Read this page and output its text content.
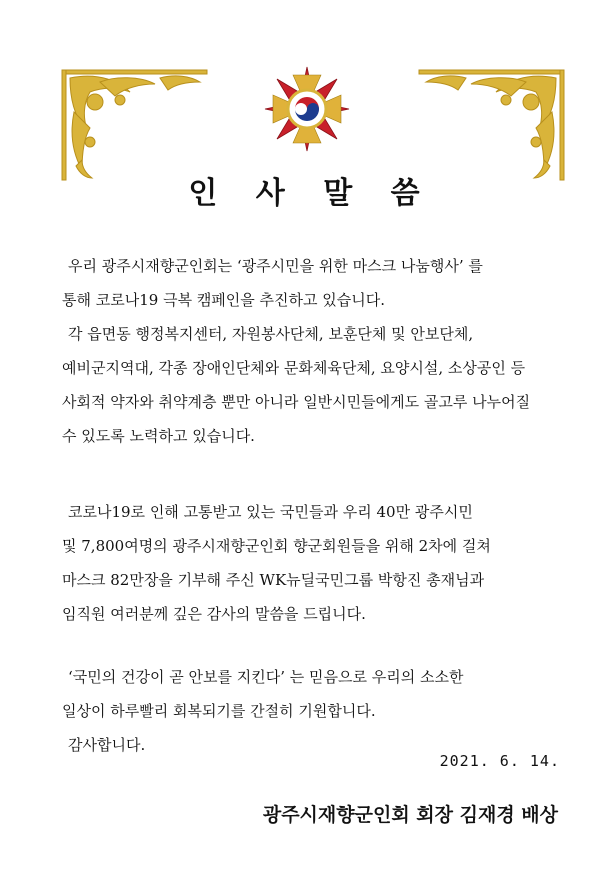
인 사 말 씀
우리 광주시재향군인회는 ‘광주시민을 위한 마스크 나눔행사’ 를
통해 코로나19 극복 캠페인을 추진하고 있습니다.
각 읍면동 행정복지센터, 자원봉사단체, 보훈단체 및 안보단체,
예비군지역대, 각종 장애인단체와 문화체육단체, 요양시설, 소상공인 등
사회적 약자와 취약계층 뿐만 아니라 일반시민들에게도 골고루 나누어질
수 있도록 노력하고 있습니다.
코로나19로 인해 고통받고 있는 국민들과 우리 40만 광주시민
및 7,800여명의 광주시재향군인회 향군회원들을 위해 2차에 걸쳐
마스크 82만장을 기부해 주신 WK뉴딜국민그룹 박항진 총재님과
임직원 여러분께 깊은 감사의 말씀을 드립니다.
‘국민의 건강이 곧 안보를 지킨다’ 는 믿음으로 우리의 소소한
일상이 하루빨리 회복되기를 간절히 기원합니다.
감사합니다.
2021. 6. 14.
광주시재향군인회 회장 김재경 배상
